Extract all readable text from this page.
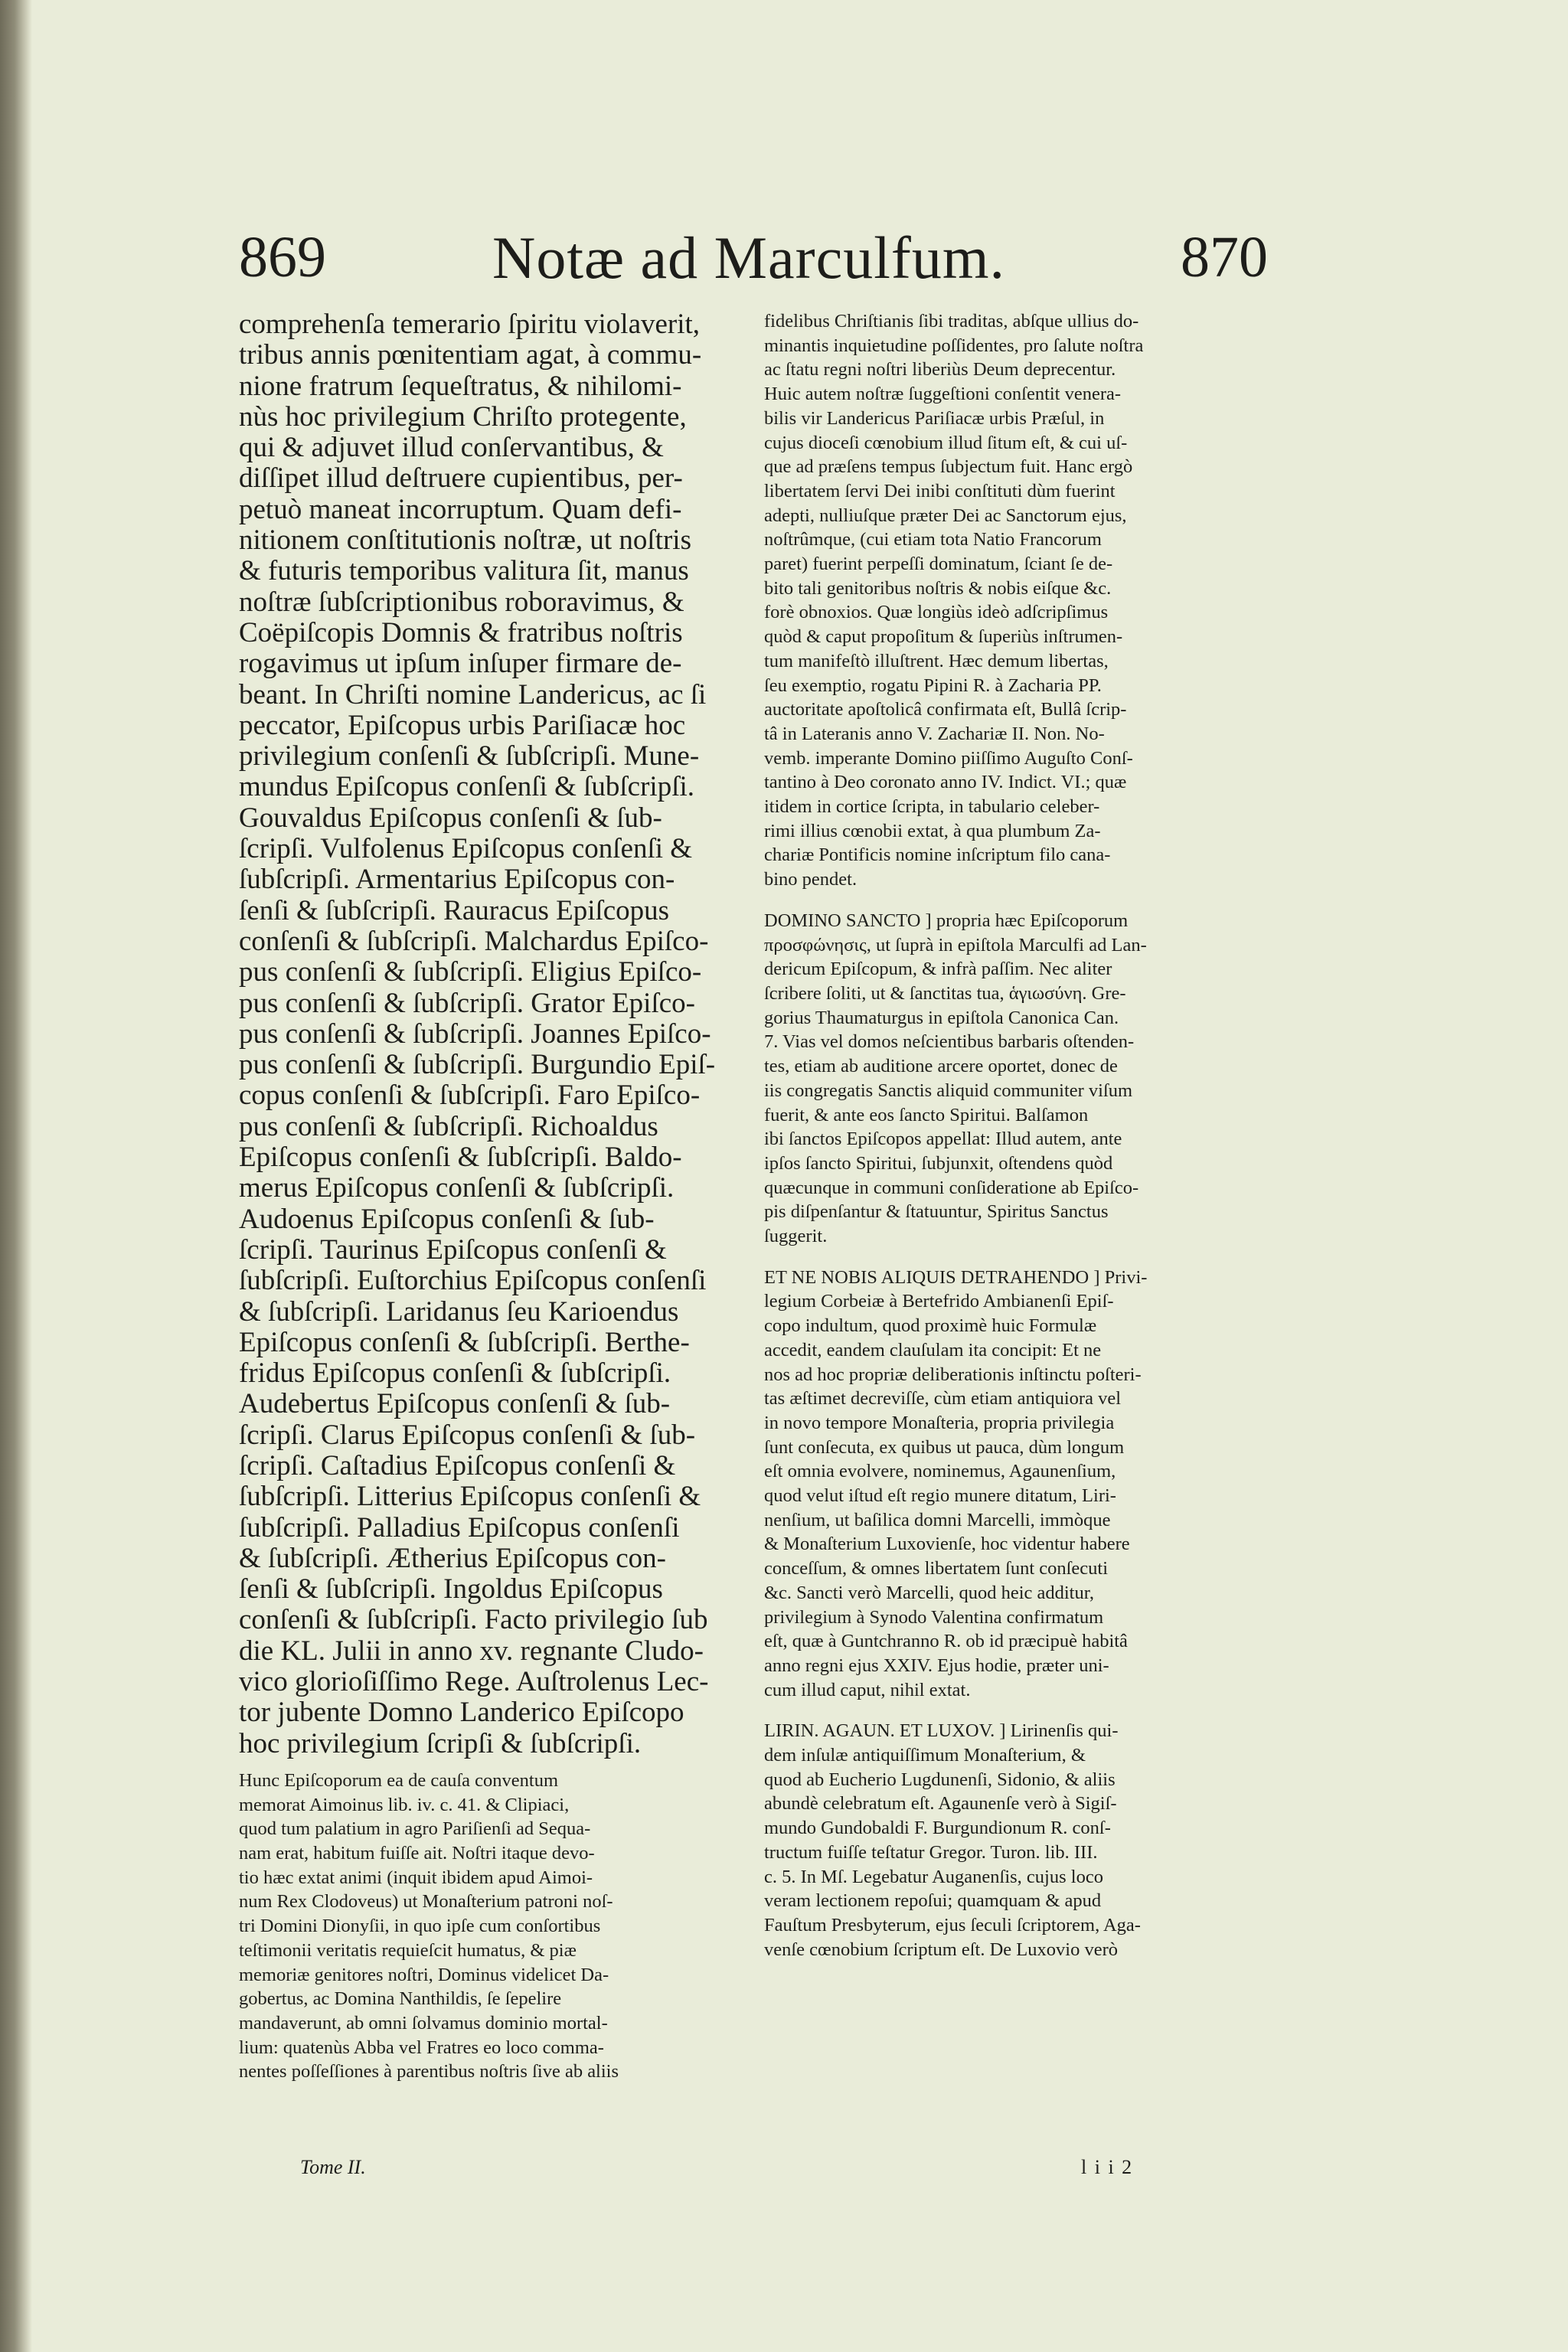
869	Notæ ad Marculfum.	870
comprehenſa temerario ſpiritu violaverit,
tribus annis pœnitentiam agat, à commu-
nione fratrum ſequeſtratus, & nihilomi-
nùs hoc privilegium Chriſto protegente,
qui & adjuvet illud conſervantibus, &
diſſipet illud deſtruere cupientibus, per-
petuò maneat incorruptum. Quam defi-
nitionem conſtitutionis noſtræ, ut noſtris
& futuris temporibus valitura ſit, manus
noſtræ ſubſcriptionibus roboravimus, &
Coëpiſcopis Domnis & fratribus noſtris
rogavimus ut ipſum inſuper firmare de-
beant. In Chriſti nomine Landericus, ac ſi
peccator, Epiſcopus urbis Pariſiacæ hoc
privilegium conſenſi & ſubſcripſi. Mune-
mundus Epiſcopus conſenſi & ſubſcripſi.
Gouvaldus Epiſcopus conſenſi & ſub-
ſcripſi. Vulfolenus Epiſcopus conſenſi &
ſubſcripſi. Armentarius Epiſcopus con-
ſenſi & ſubſcripſi. Rauracus Epiſcopus
conſenſi & ſubſcripſi. Malchardus Epiſco-
pus conſenſi & ſubſcripſi. Eligius Epiſco-
pus conſenſi & ſubſcripſi. Grator Epiſco-
pus conſenſi & ſubſcripſi. Joannes Epiſco-
pus conſenſi & ſubſcripſi. Burgundio Epiſ-
copus conſenſi & ſubſcripſi. Faro Epiſco-
pus conſenſi & ſubſcripſi. Richoaldus
Epiſcopus conſenſi & ſubſcripſi. Baldo-
merus Epiſcopus conſenſi & ſubſcripſi.
Audoenus Epiſcopus conſenſi & ſub-
ſcripſi. Taurinus Epiſcopus conſenſi &
ſubſcripſi. Euſtorchius Epiſcopus conſenſi
& ſubſcripſi. Laridanus ſeu Karioendus
Epiſcopus conſenſi & ſubſcripſi. Berthe-
fridus Epiſcopus conſenſi & ſubſcripſi.
Audebertus Epiſcopus conſenſi & ſub-
ſcripſi. Clarus Epiſcopus conſenſi & ſub-
ſcripſi. Caſtadius Epiſcopus conſenſi &
ſubſcripſi. Litterius Epiſcopus conſenſi &
ſubſcripſi. Palladius Epiſcopus conſenſi
& ſubſcripſi. Ætherius Epiſcopus con-
ſenſi & ſubſcripſi. Ingoldus Epiſcopus
conſenſi & ſubſcripſi. Facto privilegio ſub
die KL. Julii in anno xv. regnante Cludo-
vico glorioſiſſimo Rege. Auſtrolenus Lec-
tor jubente Domno Landerico Epiſcopo
hoc privilegium ſcripſi & ſubſcripſi.
Hunc Epiſcoporum ea de cauſa conventum
memorat Aimoinus lib. iv. c. 41. & Clipiaci,
quod tum palatium in agro Pariſienſi ad Sequa-
nam erat, habitum fuiſſe ait. Noſtri itaque devo-
tio hæc extat animi (inquit ibidem apud Aimoi-
num Rex Clodoveus) ut Monaſterium patroni noſ-
tri Domini Dionyſii, in quo ipſe cum conſortibus
teſtimonii veritatis requieſcit humatus, & piæ
memoriæ genitores noſtri, Dominus videlicet Da-
gobertus, ac Domina Nanthildis, ſe ſepelire
mandaverunt, ab omni ſolvamus dominio mortal-
lium: quatenùs Abba vel Fratres eo loco comma-
nentes poſſeſſiones à parentibus noſtris ſive ab aliis
fidelibus Chriſtianis ſibi traditas, abſque ullius do-
minantis inquietudine poſſidentes, pro ſalute noſtra
ac ſtatu regni noſtri liberiùs Deum deprecentur.
Huic autem noſtræ ſuggeſtioni conſentit venera-
bilis vir Landericus Pariſiacæ urbis Præſul, in
cujus dioceſi cœnobium illud ſitum eſt, & cui uſ-
que ad præſens tempus ſubjectum fuit. Hanc ergò
libertatem ſervi Dei inibi conſtituti dùm fuerint
adepti, nulliuſque præter Dei ac Sanctorum ejus,
noſtrûmque, (cui etiam tota Natio Francorum
paret) fuerint perpeſſi dominatum, ſciant ſe de-
bito tali genitoribus noſtris & nobis eiſque &c.
forè obnoxios. Quæ longiùs ideò adſcripſimus
quòd & caput propoſitum & ſuperiùs inſtrumen-
tum manifeſtò illuſtrent. Hæc demum libertas,
ſeu exemptio, rogatu Pipini R. à Zacharia PP.
auctoritate apoſtolicâ confirmata eſt, Bullâ ſcrip-
tâ in Lateranis anno V. Zachariæ II. Non. No-
vemb. imperante Domino piiſſimo Auguſto Conſ-
tantino à Deo coronato anno IV. Indict. VI.; quæ
itidem in cortice ſcripta, in tabulario celeber-
rimi illius cœnobii extat, à qua plumbum Za-
chariæ Pontificis nomine inſcriptum filo cana-
bino pendet.
DOMINO SANCTO ] propria hæc Epiſcoporum
προσφώνησις, ut ſuprà in epiſtola Marculfi ad Lan-
dericum Epiſcopum, & infrà paſſim. Nec aliter
ſcribere ſoliti, ut & ſanctitas tua, ἁγιωσύνη. Gre-
gorius Thaumaturgus in epiſtola Canonica Can.
7. Vias vel domos neſcientibus barbaris oſtenden-
tes, etiam ab auditione arcere oportet, donec de
iis congregatis Sanctis aliquid communiter viſum
fuerit, & ante eos ſancto Spiritui. Balſamon
ibi ſanctos Epiſcopos appellat: Illud autem, ante
ipſos ſancto Spiritui, ſubjunxit, oſtendens quòd
quæcunque in communi conſideratione ab Epiſco-
pis diſpenſantur & ſtatuuntur, Spiritus Sanctus
ſuggerit.
ET NE NOBIS ALIQUIS DETRAHENDO ] Privi-
legium Corbeiæ à Bertefrido Ambianenſi Epiſ-
copo indultum, quod proximè huic Formulæ
accedit, eandem clauſulam ita concipit: Et ne
nos ad hoc propriæ deliberationis inſtinctu poſteri-
tas æſtimet decreviſſe, cùm etiam antiquiora vel
in novo tempore Monaſteria, propria privilegia
ſunt conſecuta, ex quibus ut pauca, dùm longum
eſt omnia evolvere, nominemus, Agaunenſium,
quod velut iſtud eſt regio munere ditatum, Liri-
nenſium, ut baſilica domni Marcelli, immòque
& Monaſterium Luxovienſe, hoc videntur habere
conceſſum, & omnes libertatem ſunt conſecuti
&c. Sancti verò Marcelli, quod heic additur,
privilegium à Synodo Valentina confirmatum
eſt, quæ à Guntchranno R. ob id præcipuè habitâ
anno regni ejus XXIV. Ejus hodie, præter uni-
cum illud caput, nihil extat.
LIRIN. AGAUN. ET LUXOV. ] Lirinenſis qui-
dem inſulæ antiquiſſimum Monaſterium, &
quod ab Eucherio Lugdunenſi, Sidonio, & aliis
abundè celebratum eſt. Agaunenſe verò à Sigiſ-
mundo Gundobaldi F. Burgundionum R. conſ-
tructum fuiſſe teſtatur Gregor. Turon. lib. III.
c. 5. In Mſ. Legebatur Auganenſis, cujus loco
veram lectionem repoſui; quamquam & apud
Fauſtum Presbyterum, ejus ſeculi ſcriptorem, Aga-
venſe cœnobium ſcriptum eſt. De Luxovio verò
Tome II.	l i i 2
